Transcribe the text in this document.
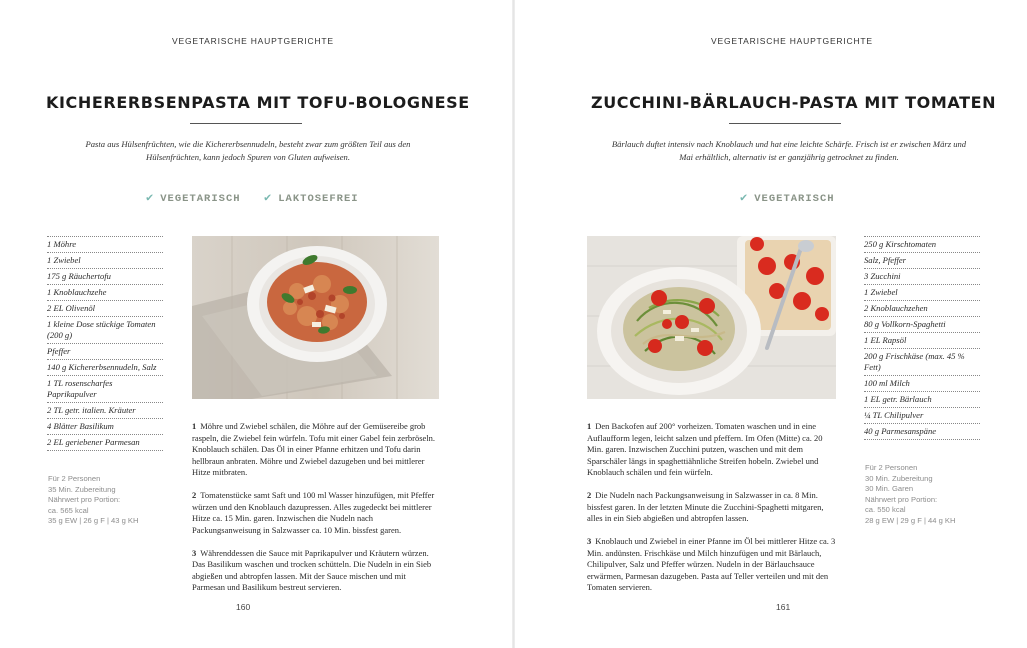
VEGETARISCHE HAUPTGERICHTE
KICHERERBSENPASTA MIT TOFU-BOLOGNESE

Pasta aus Hülsenfrüchten, wie die Kichererbsennudeln, besteht zwar zum größten Teil aus den Hülsenfrüchten, kann jedoch Spuren von Gluten aufweisen.

✔ VEGETARISCH ✔ LAKTOSEFREI
1 Möhre
1 Zwiebel
175 g Räuchertofu
1 Knoblauchzehe
2 EL Olivenöl
1 kleine Dose stückige Tomaten (200 g)
Pfeffer
140 g Kichererbsennudeln, Salz
1 TL rosenscharfes Paprikapulver
2 TL getr. italien. Kräuter
4 Blätter Basilikum
2 EL geriebener Parmesan
Für 2 Personen
35 Min. Zubereitung
Nährwert pro Portion:
ca. 565 kcal
35 g EW | 26 g F | 43 g KH

1 Möhre und Zwiebel schälen, die Möhre auf der Gemüsereibe grob raspeln, die Zwiebel fein würfeln. Tofu mit einer Gabel fein zerbröseln. Knoblauch schälen. Das Öl in einer Pfanne erhitzen und Tofu darin hellbraun anbraten. Möhre und Zwiebel dazugeben und bei mittlerer Hitze mitbraten.

2 Tomatenstücke samt Saft und 100 ml Wasser hinzufügen, mit Pfeffer würzen und den Knoblauch dazupressen. Alles zugedeckt bei mittlerer Hitze ca. 15 Min. garen. Inzwischen die Nudeln nach Packungsanweisung in Salzwasser ca. 10 Min. bissfest garen.

3 Währenddessen die Sauce mit Paprikapulver und Kräutern würzen. Das Basilikum waschen und trocken schütteln. Die Nudeln in ein Sieb abgießen und abtropfen lassen. Mit der Sauce mischen und mit Parmesan und Basilikum bestreut servieren.

160
VEGETARISCHE HAUPTGERICHTE
ZUCCHINI-BÄRLAUCH-PASTA MIT TOMATEN

Bärlauch duftet intensiv nach Knoblauch und hat eine leichte Schärfe. Frisch ist er zwischen März und Mai erhältlich, alternativ ist er ganzjährig getrocknet zu finden.

✔ VEGETARISCH
250 g Kirschtomaten
Salz, Pfeffer
3 Zucchini
1 Zwiebel
2 Knoblauchzehen
80 g Vollkorn-Spaghetti
1 EL Rapsöl
200 g Frischkäse (max. 45 % Fett)
100 ml Milch
1 EL getr. Bärlauch
¼ TL Chilipulver
40 g Parmesanspäne
Für 2 Personen
30 Min. Zubereitung
30 Min. Garen
Nährwert pro Portion:
ca. 550 kcal
28 g EW | 29 g F | 44 g KH

1 Den Backofen auf 200° vorheizen. Tomaten waschen und in eine Auflaufform legen, leicht salzen und pfeffern. Im Ofen (Mitte) ca. 20 Min. garen. Inzwischen Zucchini putzen, waschen und mit dem Sparschäler längs in spaghettiähnliche Streifen hobeln. Zwiebel und Knoblauch schälen und fein würfeln.

2 Die Nudeln nach Packungsanweisung in Salzwasser in ca. 8 Min. bissfest garen. In der letzten Minute die Zucchini-Spaghetti mitgaren, alles in ein Sieb abgießen und abtropfen lassen.

3 Knoblauch und Zwiebel in einer Pfanne im Öl bei mittlerer Hitze ca. 3 Min. andünsten. Frischkäse und Milch hinzufügen und mit Bärlauch, Chilipulver, Salz und Pfeffer würzen. Nudeln in der Bärlauchsauce erwärmen, Parmesan dazugeben. Pasta auf Teller verteilen und mit den Tomaten servieren.

161
